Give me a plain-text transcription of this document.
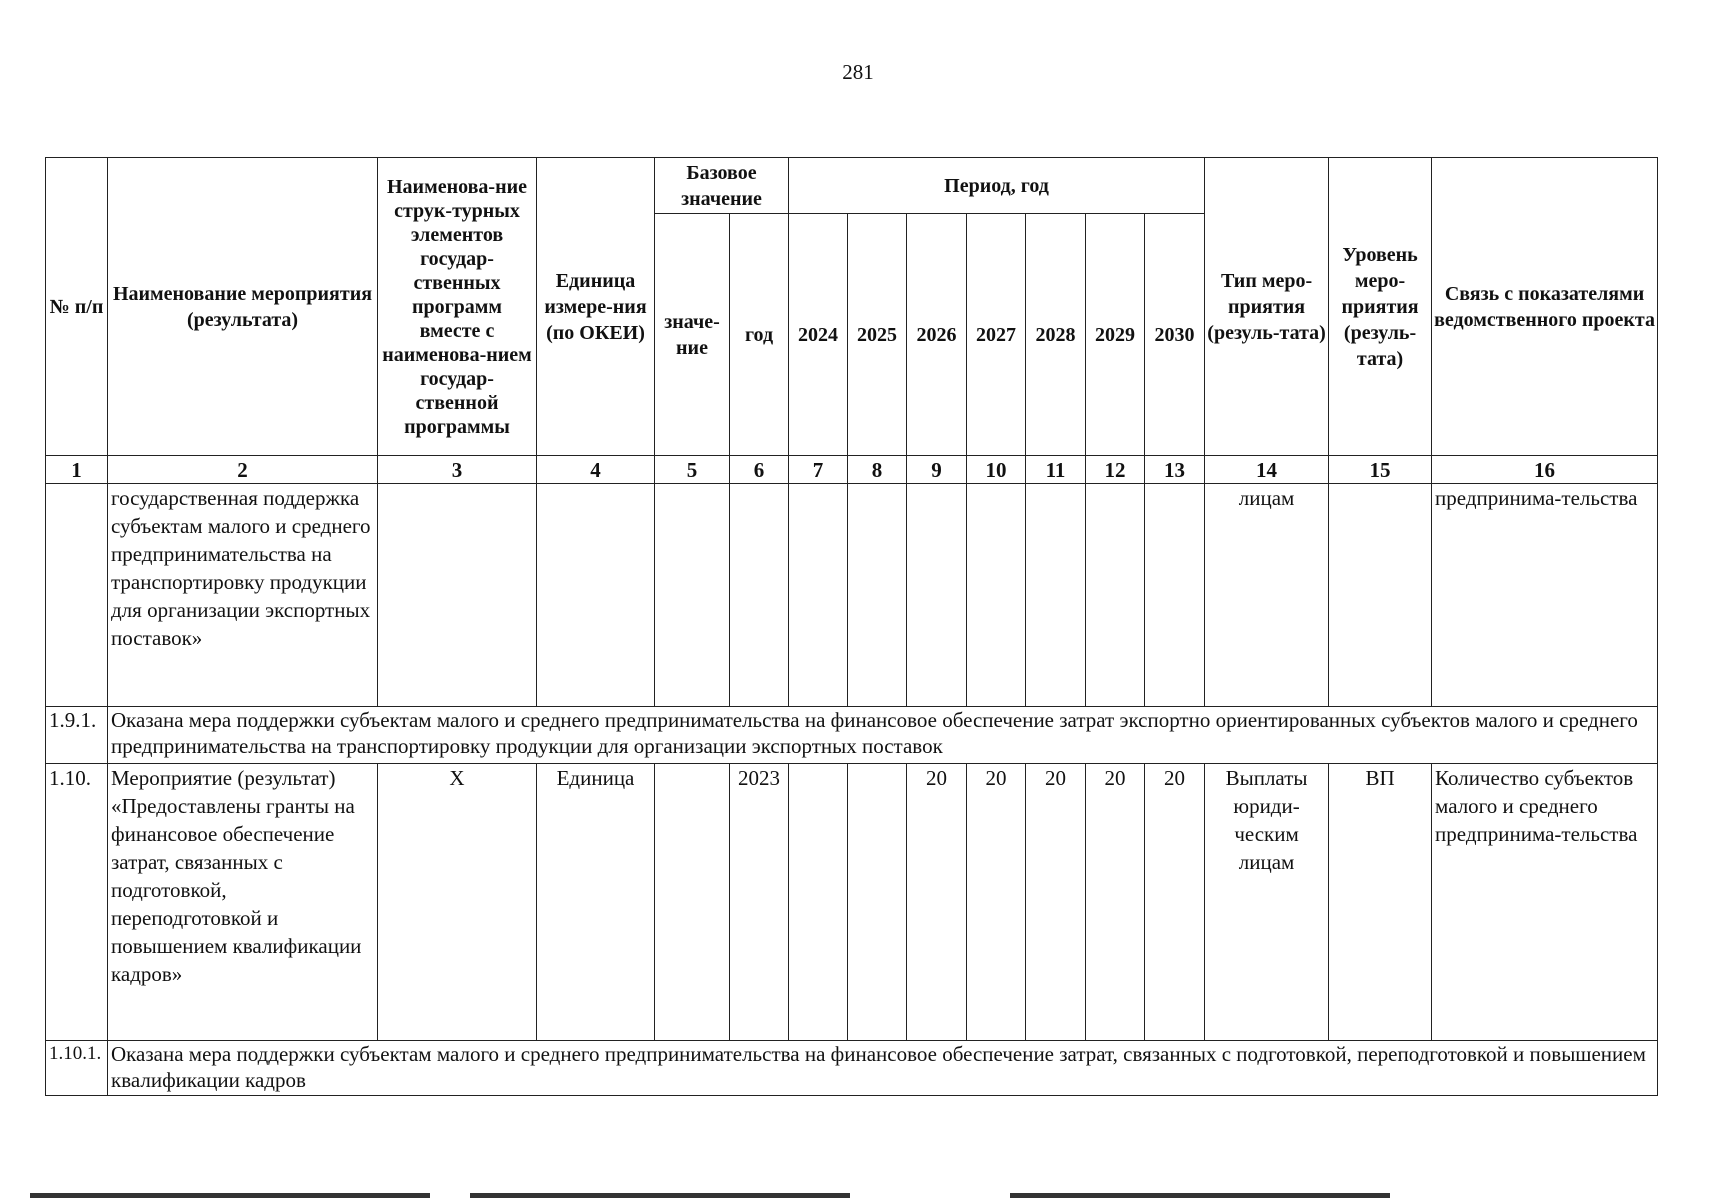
281
№ п/п	Наименование мероприятия (результата)	Наименова-ние струк-турных элементов государ-ственных программ вместе с наименова-нием государ-ственной программы	Единица измере-ния (по ОКЕИ)	Базовое значение		Период, год							Тип меро-приятия (резуль-тата)	Уровень меро-приятия (резуль-тата)	Связь с показателями ведомственного проекта
				значе-ние	год	2024	2025	2026	2027	2028	2029	2030			
1	2	3	4	5	6	7	8	9	10	11	12	13	14	15	16
	государственная поддержка субъектам малого и среднего предпринимательства на транспортировку продукции для организации экспортных поставок»												лицам		предпринима-тельства
1.9.1.	Оказана мера поддержки субъектам малого и среднего предпринимательства на финансовое обеспечение затрат экспортно ориентированных субъектов малого и среднего предпринимательства на транспортировку продукции для организации экспортных поставок														
1.10.	Мероприятие (результат) «Предоставлены гранты на финансовое обеспечение затрат, связанных с подготовкой, переподготовкой и повышением квалификации кадров»	Х	Единица		2023			20	20	20	20	20	Выплаты юриди-ческим лицам	ВП	Количество субъектов малого и среднего предпринима-тельства
1.10.1.	Оказана мера поддержки субъектам малого и среднего предпринимательства на финансовое обеспечение затрат, связанных с подготовкой, переподготовкой и повышением квалификации кадров														
